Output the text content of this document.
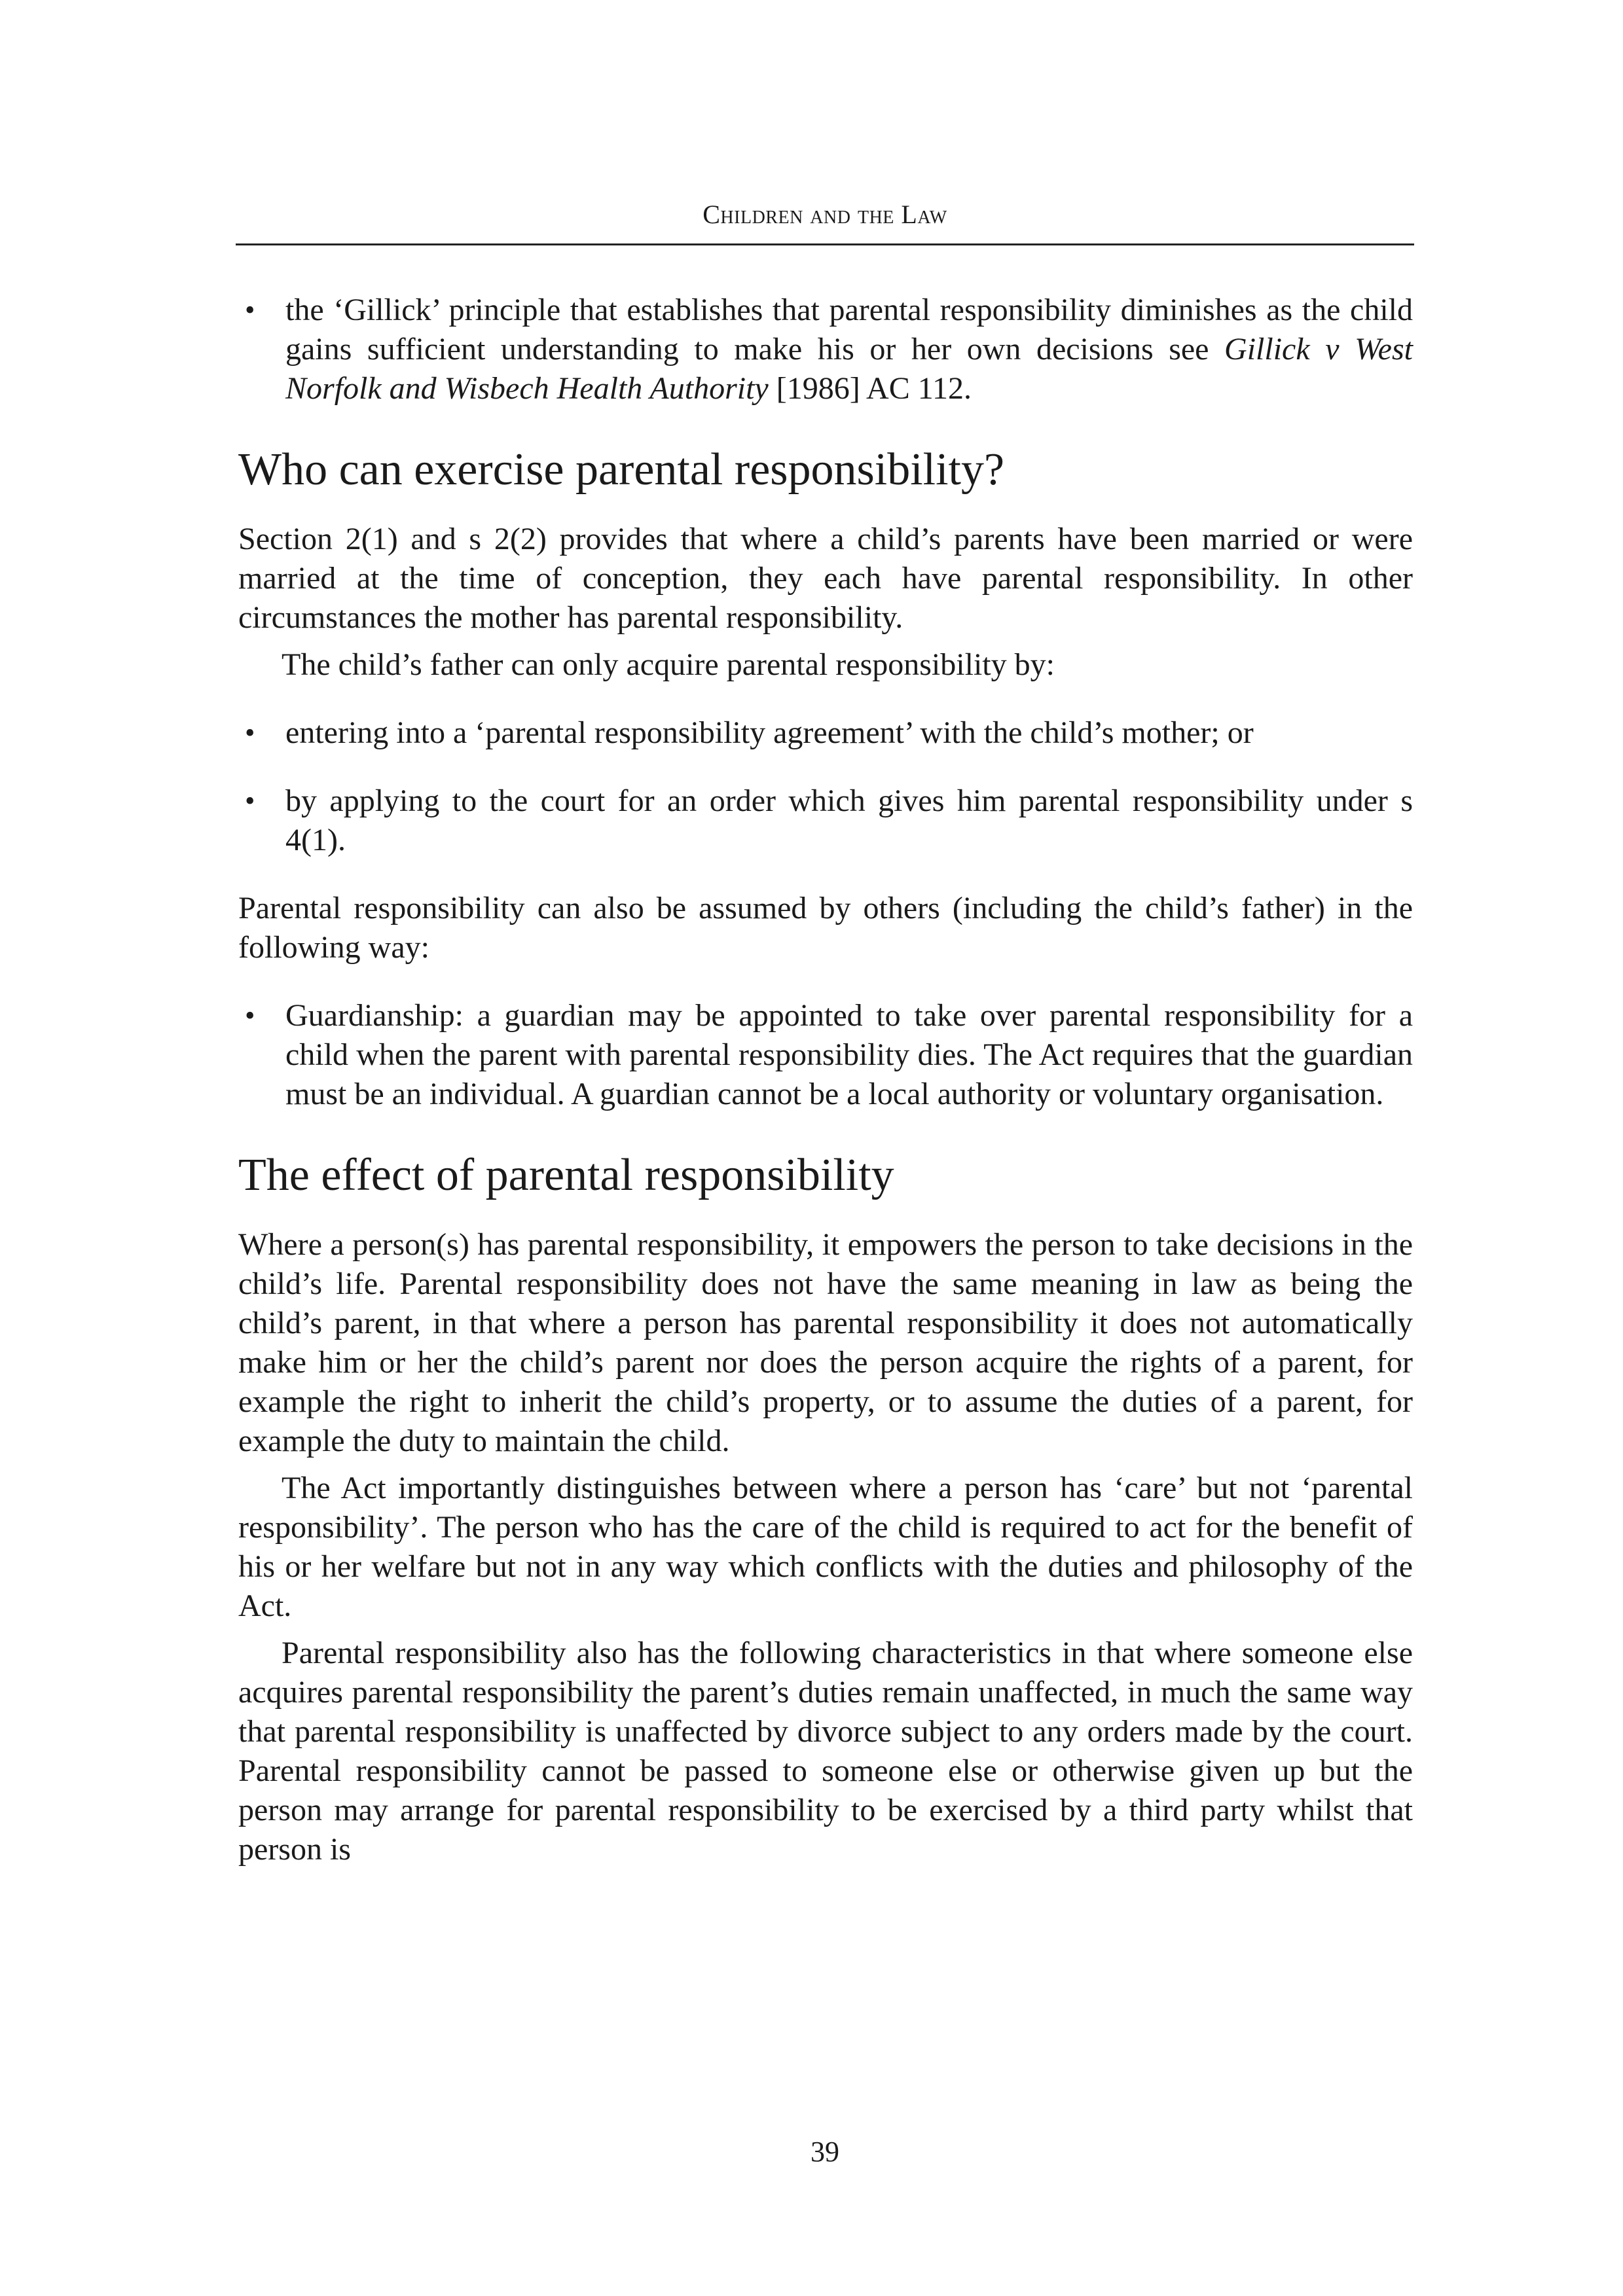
Children and the Law
• the ‘Gillick’ principle that establishes that parental responsibility diminishes as the child gains sufficient understanding to make his or her own decisions see Gillick v West Norfolk and Wisbech Health Authority [1986] AC 112.
Who can exercise parental responsibility?

Section 2(1) and s 2(2) provides that where a child’s parents have been married or were married at the time of conception, they each have parental responsibility. In other circumstances the mother has parental responsibility.

The child’s father can only acquire parental responsibility by:

• entering into a ‘parental responsibility agreement’ with the child’s mother; or
• by applying to the court for an order which gives him parental responsibility under s 4(1).

Parental responsibility can also be assumed by others (including the child’s father) in the following way:

• Guardianship: a guardian may be appointed to take over parental responsibility for a child when the parent with parental responsibility dies. The Act requires that the guardian must be an individual. A guardian cannot be a local authority or voluntary organisation.
The effect of parental responsibility

Where a person(s) has parental responsibility, it empowers the person to take decisions in the child’s life. Parental responsibility does not have the same meaning in law as being the child’s parent, in that where a person has parental responsibility it does not automatically make him or her the child’s parent nor does the person acquire the rights of a parent, for example the right to inherit the child’s property, or to assume the duties of a parent, for example the duty to maintain the child.

The Act importantly distinguishes between where a person has ‘care’ but not ‘parental responsibility’. The person who has the care of the child is required to act for the benefit of his or her welfare but not in any way which conflicts with the duties and philosophy of the Act.

Parental responsibility also has the following characteristics in that where someone else acquires parental responsibility the parent’s duties remain unaffected, in much the same way that parental responsibility is unaffected by divorce subject to any orders made by the court. Parental responsibility cannot be passed to someone else or otherwise given up but the person may arrange for parental responsibility to be exercised by a third party whilst that person is

39
